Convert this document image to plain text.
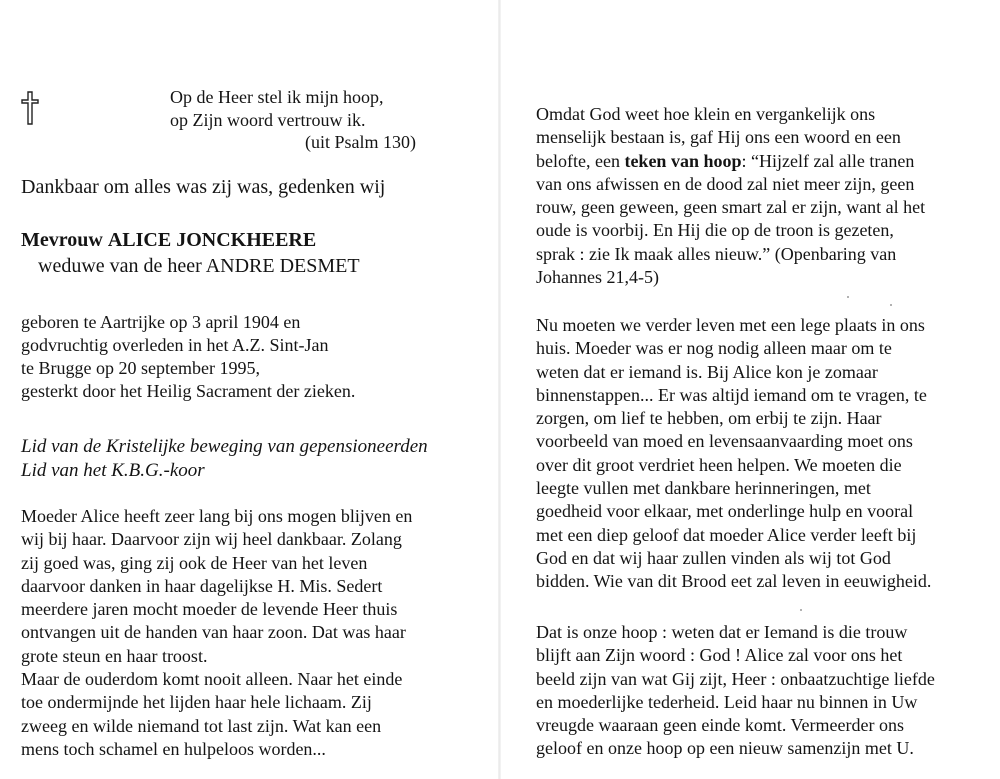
Op de Heer stel ik mijn hoop,
op Zijn woord vertrouw ik.
(uit Psalm 130)
Dankbaar om alles was zij was, gedenken wij
Mevrouw ALICE JONCKHEERE
weduwe van de heer ANDRE DESMET
geboren te Aartrijke op 3 april 1904 en
godvruchtig overleden in het A.Z. Sint-Jan
te Brugge op 20 september 1995,
gesterkt door het Heilig Sacrament der zieken.
Lid van de Kristelijke beweging van gepensioneerden
Lid van het K.B.G.-koor
Moeder Alice heeft zeer lang bij ons mogen blijven en
wij bij haar. Daarvoor zijn wij heel dankbaar. Zolang
zij goed was, ging zij ook de Heer van het leven
daarvoor danken in haar dagelijkse H. Mis. Sedert
meerdere jaren mocht moeder de levende Heer thuis
ontvangen uit de handen van haar zoon. Dat was haar
grote steun en haar troost.
Maar de ouderdom komt nooit alleen. Naar het einde
toe ondermijnde het lijden haar hele lichaam. Zij
zweeg en wilde niemand tot last zijn. Wat kan een
mens toch schamel en hulpeloos worden...
Omdat God weet hoe klein en vergankelijk ons
menselijk bestaan is, gaf Hij ons een woord en een
belofte, een teken van hoop: “Hijzelf zal alle tranen
van ons afwissen en de dood zal niet meer zijn, geen
rouw, geen geween, geen smart zal er zijn, want al het
oude is voorbij. En Hij die op de troon is gezeten,
sprak : zie Ik maak alles nieuw.” (Openbaring van
Johannes 21,4-5)
Nu moeten we verder leven met een lege plaats in ons
huis. Moeder was er nog nodig alleen maar om te
weten dat er iemand is. Bij Alice kon je zomaar
binnenstappen... Er was altijd iemand om te vragen, te
zorgen, om lief te hebben, om erbij te zijn. Haar
voorbeeld van moed en levensaanvaarding moet ons
over dit groot verdriet heen helpen. We moeten die
leegte vullen met dankbare herinneringen, met
goedheid voor elkaar, met onderlinge hulp en vooral
met een diep geloof dat moeder Alice verder leeft bij
God en dat wij haar zullen vinden als wij tot God
bidden. Wie van dit Brood eet zal leven in eeuwigheid.
Dat is onze hoop : weten dat er Iemand is die trouw
blijft aan Zijn woord : God ! Alice zal voor ons het
beeld zijn van wat Gij zijt, Heer : onbaatzuchtige liefde
en moederlijke tederheid. Leid haar nu binnen in Uw
vreugde waaraan geen einde komt. Vermeerder ons
geloof en onze hoop op een nieuw samenzijn met U.
